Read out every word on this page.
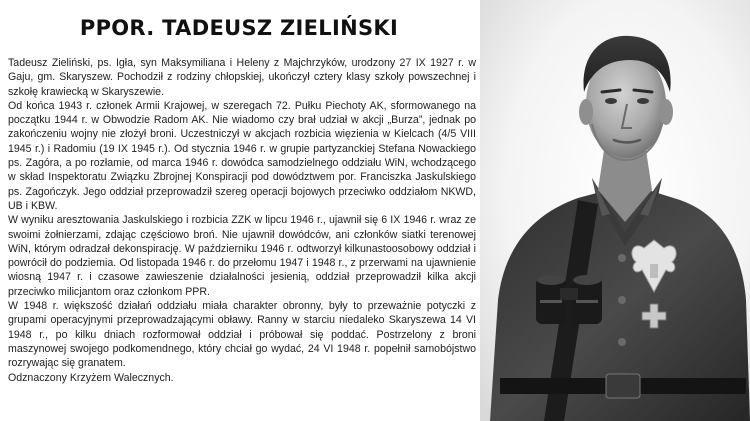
PPOR. TADEUSZ ZIELIŃSKI

Tadeusz Zieliński, ps. Igła, syn Maksymiliana i Heleny z Majchrzyków, urodzony 27 IX 1927 r. w Gaju, gm. Skaryszew. Pochodził z rodziny chłopskiej, ukończył cztery klasy szkoły powszechnej i szkołę krawiecką w Skaryszewie.

Od końca 1943 r. członek Armii Krajowej, w szeregach 72. Pułku Piechoty AK, sformowanego na początku 1944 r. w Obwodzie Radom AK. Nie wiadomo czy brał udział w akcji „Burza”, jednak po zakończeniu wojny nie złożył broni. Uczestniczył w akcjach rozbicia więzienia w Kielcach (4/5 VIII 1945 r.) i Radomiu (19 IX 1945 r.). Od stycznia 1946 r. w grupie partyzanckiej Stefana Nowackiego ps. Zagóra, a po rozłamie, od marca 1946 r. dowódca samodzielnego oddziału WiN, wchodzącego w skład Inspektoratu Związku Zbrojnej Konspiracji pod dowództwem por. Franciszka Jaskulskiego ps. Zagończyk. Jego oddział przeprowadził szereg operacji bojowych przeciwko oddziałom NKWD, UB i KBW.

W wyniku aresztowania Jaskulskiego i rozbicia ZZK w lipcu 1946 r., ujawnił się 6 IX 1946 r. wraz ze swoimi żołnierzami, zdając częściowo broń. Nie ujawnił dowódców, ani członków siatki terenowej WiN, którym odradzał dekonspirację. W październiku 1946 r. odtworzył kilkunastoosobowy oddział i powrócił do podziemia. Od listopada 1946 r. do przełomu 1947 i 1948 r., z przerwami na ujawnienie wiosną 1947 r. i czasowe zawieszenie działalności jesienią, oddział przeprowadził kilka akcji przeciwko milicjantom oraz członkom PPR.

W 1948 r. większość działań oddziału miała charakter obronny, były to przeważnie potyczki z grupami operacyjnymi przeprowadzającymi obławy. Ranny w starciu niedaleko Skaryszewa 14 VI 1948 r., po kilku dniach rozformował oddział i próbował się poddać. Postrzelony z broni maszynowej swojego podkomendnego, który chciał go wydać, 24 VI 1948 r. popełnił samobójstwo rozrywając się granatem.

Odznaczony Krzyżem Walecznych.
